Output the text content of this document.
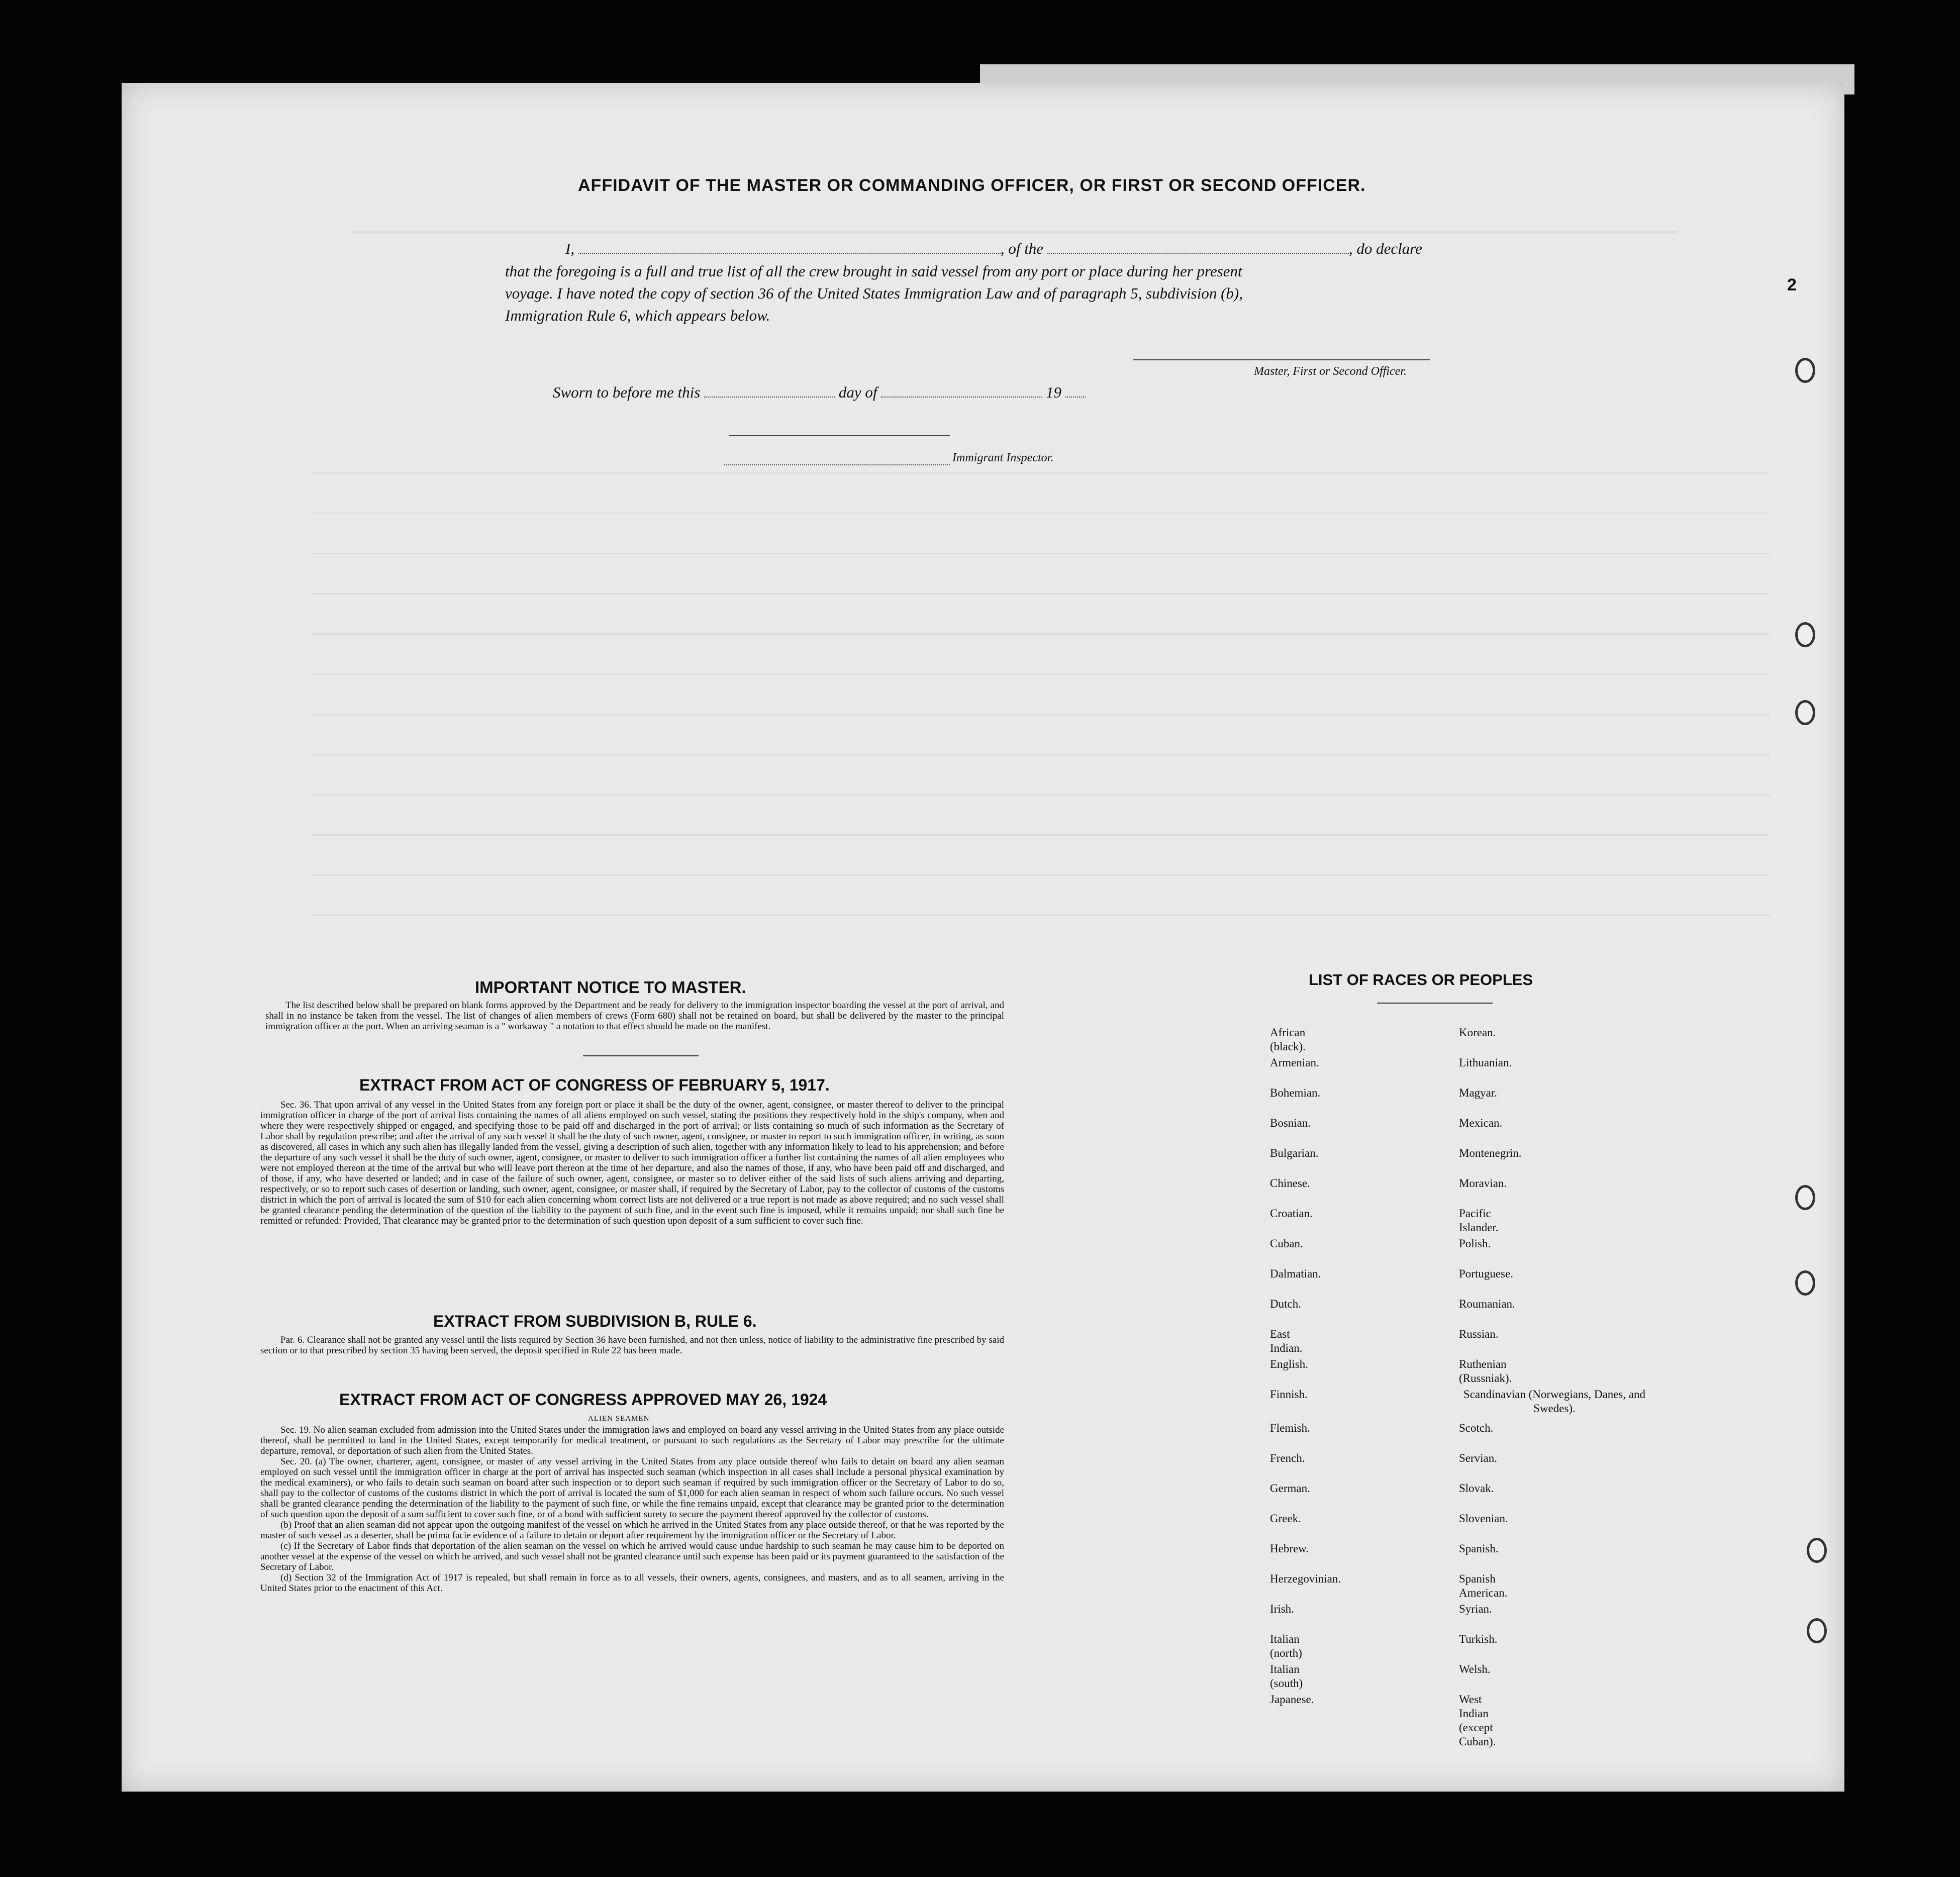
2
AFFIDAVIT OF THE MASTER OR COMMANDING OFFICER, OR FIRST OR SECOND OFFICER.
I,	, of the	, do declare
that the foregoing is a full and true list of all the crew brought in said vessel from any port or place during her present
voyage. I have noted the copy of section 36 of the United States Immigration Law and of paragraph 5, subdivision (b),
Immigration Rule 6, which appears below.
Master, First or Second Officer.
Sworn to before me this	day of	19
Immigrant Inspector.
IMPORTANT NOTICE TO MASTER.
The list described below shall be prepared on blank forms approved by the Department and be ready for delivery to the immigration inspector boarding the vessel at the port of arrival, and shall in no instance be taken from the vessel. The list of changes of alien members of crews (Form 680) shall not be retained on board, but shall be delivered by the master to the principal immigration officer at the port. When an arriving seaman is a " workaway " a notation to that effect should be made on the manifest.
EXTRACT FROM ACT OF CONGRESS OF FEBRUARY 5, 1917.
Sec. 36. That upon arrival of any vessel in the United States from any foreign port or place it shall be the duty of the owner, agent, consignee, or master thereof to deliver to the principal immigration officer in charge of the port of arrival lists containing the names of all aliens employed on such vessel, stating the positions they respectively hold in the ship's company, when and where they were respectively shipped or engaged, and specifying those to be paid off and discharged in the port of arrival; or lists containing so much of such information as the Secretary of Labor shall by regulation prescribe; and after the arrival of any such vessel it shall be the duty of such owner, agent, consignee, or master to report to such immigration officer, in writing, as soon as discovered, all cases in which any such alien has illegally landed from the vessel, giving a description of such alien, together with any information likely to lead to his apprehension; and before the departure of any such vessel it shall be the duty of such owner, agent, consignee, or master to deliver to such immigration officer a further list containing the names of all alien employees who were not employed thereon at the time of the arrival but who will leave port thereon at the time of her departure, and also the names of those, if any, who have been paid off and discharged, and of those, if any, who have deserted or landed; and in case of the failure of such owner, agent, consignee, or master so to deliver either of the said lists of such aliens arriving and departing, respectively, or so to report such cases of desertion or landing, such owner, agent, consignee, or master shall, if required by the Secretary of Labor, pay to the collector of customs of the customs district in which the port of arrival is located the sum of $10 for each alien concerning whom correct lists are not delivered or a true report is not made as above required; and no such vessel shall be granted clearance pending the determination of the question of the liability to the payment of such fine, and in the event such fine is imposed, while it remains unpaid; nor shall such fine be remitted or refunded: Provided, That clearance may be granted prior to the determination of such question upon deposit of a sum sufficient to cover such fine.
EXTRACT FROM SUBDIVISION B, RULE 6.
Par. 6. Clearance shall not be granted any vessel until the lists required by Section 36 have been furnished, and not then unless, notice of liability to the administrative fine prescribed by said section or to that prescribed by section 35 having been served, the deposit specified in Rule 22 has been made.
EXTRACT FROM ACT OF CONGRESS APPROVED MAY 26, 1924
ALIEN SEAMEN

Sec. 19. No alien seaman excluded from admission into the United States under the immigration laws and employed on board any vessel arriving in the United States from any place outside thereof, shall be permitted to land in the United States, except temporarily for medical treatment, or pursuant to such regulations as the Secretary of Labor may prescribe for the ultimate departure, removal, or deportation of such alien from the United States.

Sec. 20. (a) The owner, charterer, agent, consignee, or master of any vessel arriving in the United States from any place outside thereof who fails to detain on board any alien seaman employed on such vessel until the immigration officer in charge at the port of arrival has inspected such seaman (which inspection in all cases shall include a personal physical examination by the medical examiners), or who fails to detain such seaman on board after such inspection or to deport such seaman if required by such immigration officer or the Secretary of Labor to do so, shall pay to the collector of customs of the customs district in which the port of arrival is located the sum of $1,000 for each alien seaman in respect of whom such failure occurs. No such vessel shall be granted clearance pending the determination of the liability to the payment of such fine, or while the fine remains unpaid, except that clearance may be granted prior to the determination of such question upon the deposit of a sum sufficient to cover such fine, or of a bond with sufficient surety to secure the payment thereof approved by the collector of customs.

(b) Proof that an alien seaman did not appear upon the outgoing manifest of the vessel on which he arrived in the United States from any place outside thereof, or that he was reported by the master of such vessel as a deserter, shall be prima facie evidence of a failure to detain or deport after requirement by the immigration officer or the Secretary of Labor.

(c) If the Secretary of Labor finds that deportation of the alien seaman on the vessel on which he arrived would cause undue hardship to such seaman he may cause him to be deported on another vessel at the expense of the vessel on which he arrived, and such vessel shall not be granted clearance until such expense has been paid or its payment guaranteed to the satisfaction of the Secretary of Labor.

(d) Section 32 of the Immigration Act of 1917 is repealed, but shall remain in force as to all vessels, their owners, agents, consignees, and masters, and as to all seamen, arriving in the United States prior to the enactment of this Act.

LIST OF RACES OR PEOPLES
African (black).
Armenian.
Bohemian.
Bosnian.
Bulgarian.
Chinese.
Croatian.
Cuban.
Dalmatian.
Dutch.
East Indian.
English.
Finnish.
Flemish.
French.
German.
Greek.
Hebrew.
Herzegovinian.
Irish.
Italian (north)
Italian (south)
Japanese.
Korean.
Lithuanian.
Magyar.
Mexican.
Montenegrin.
Moravian.
Pacific Islander.
Polish.
Portuguese.
Roumanian.
Russian.
Ruthenian (Russniak).
Scandinavian (Norwegians, Danes, and Swedes).
Scotch.
Servian.
Slovak.
Slovenian.
Spanish.
Spanish American.
Syrian.
Turkish.
Welsh.
West Indian (except Cuban).
